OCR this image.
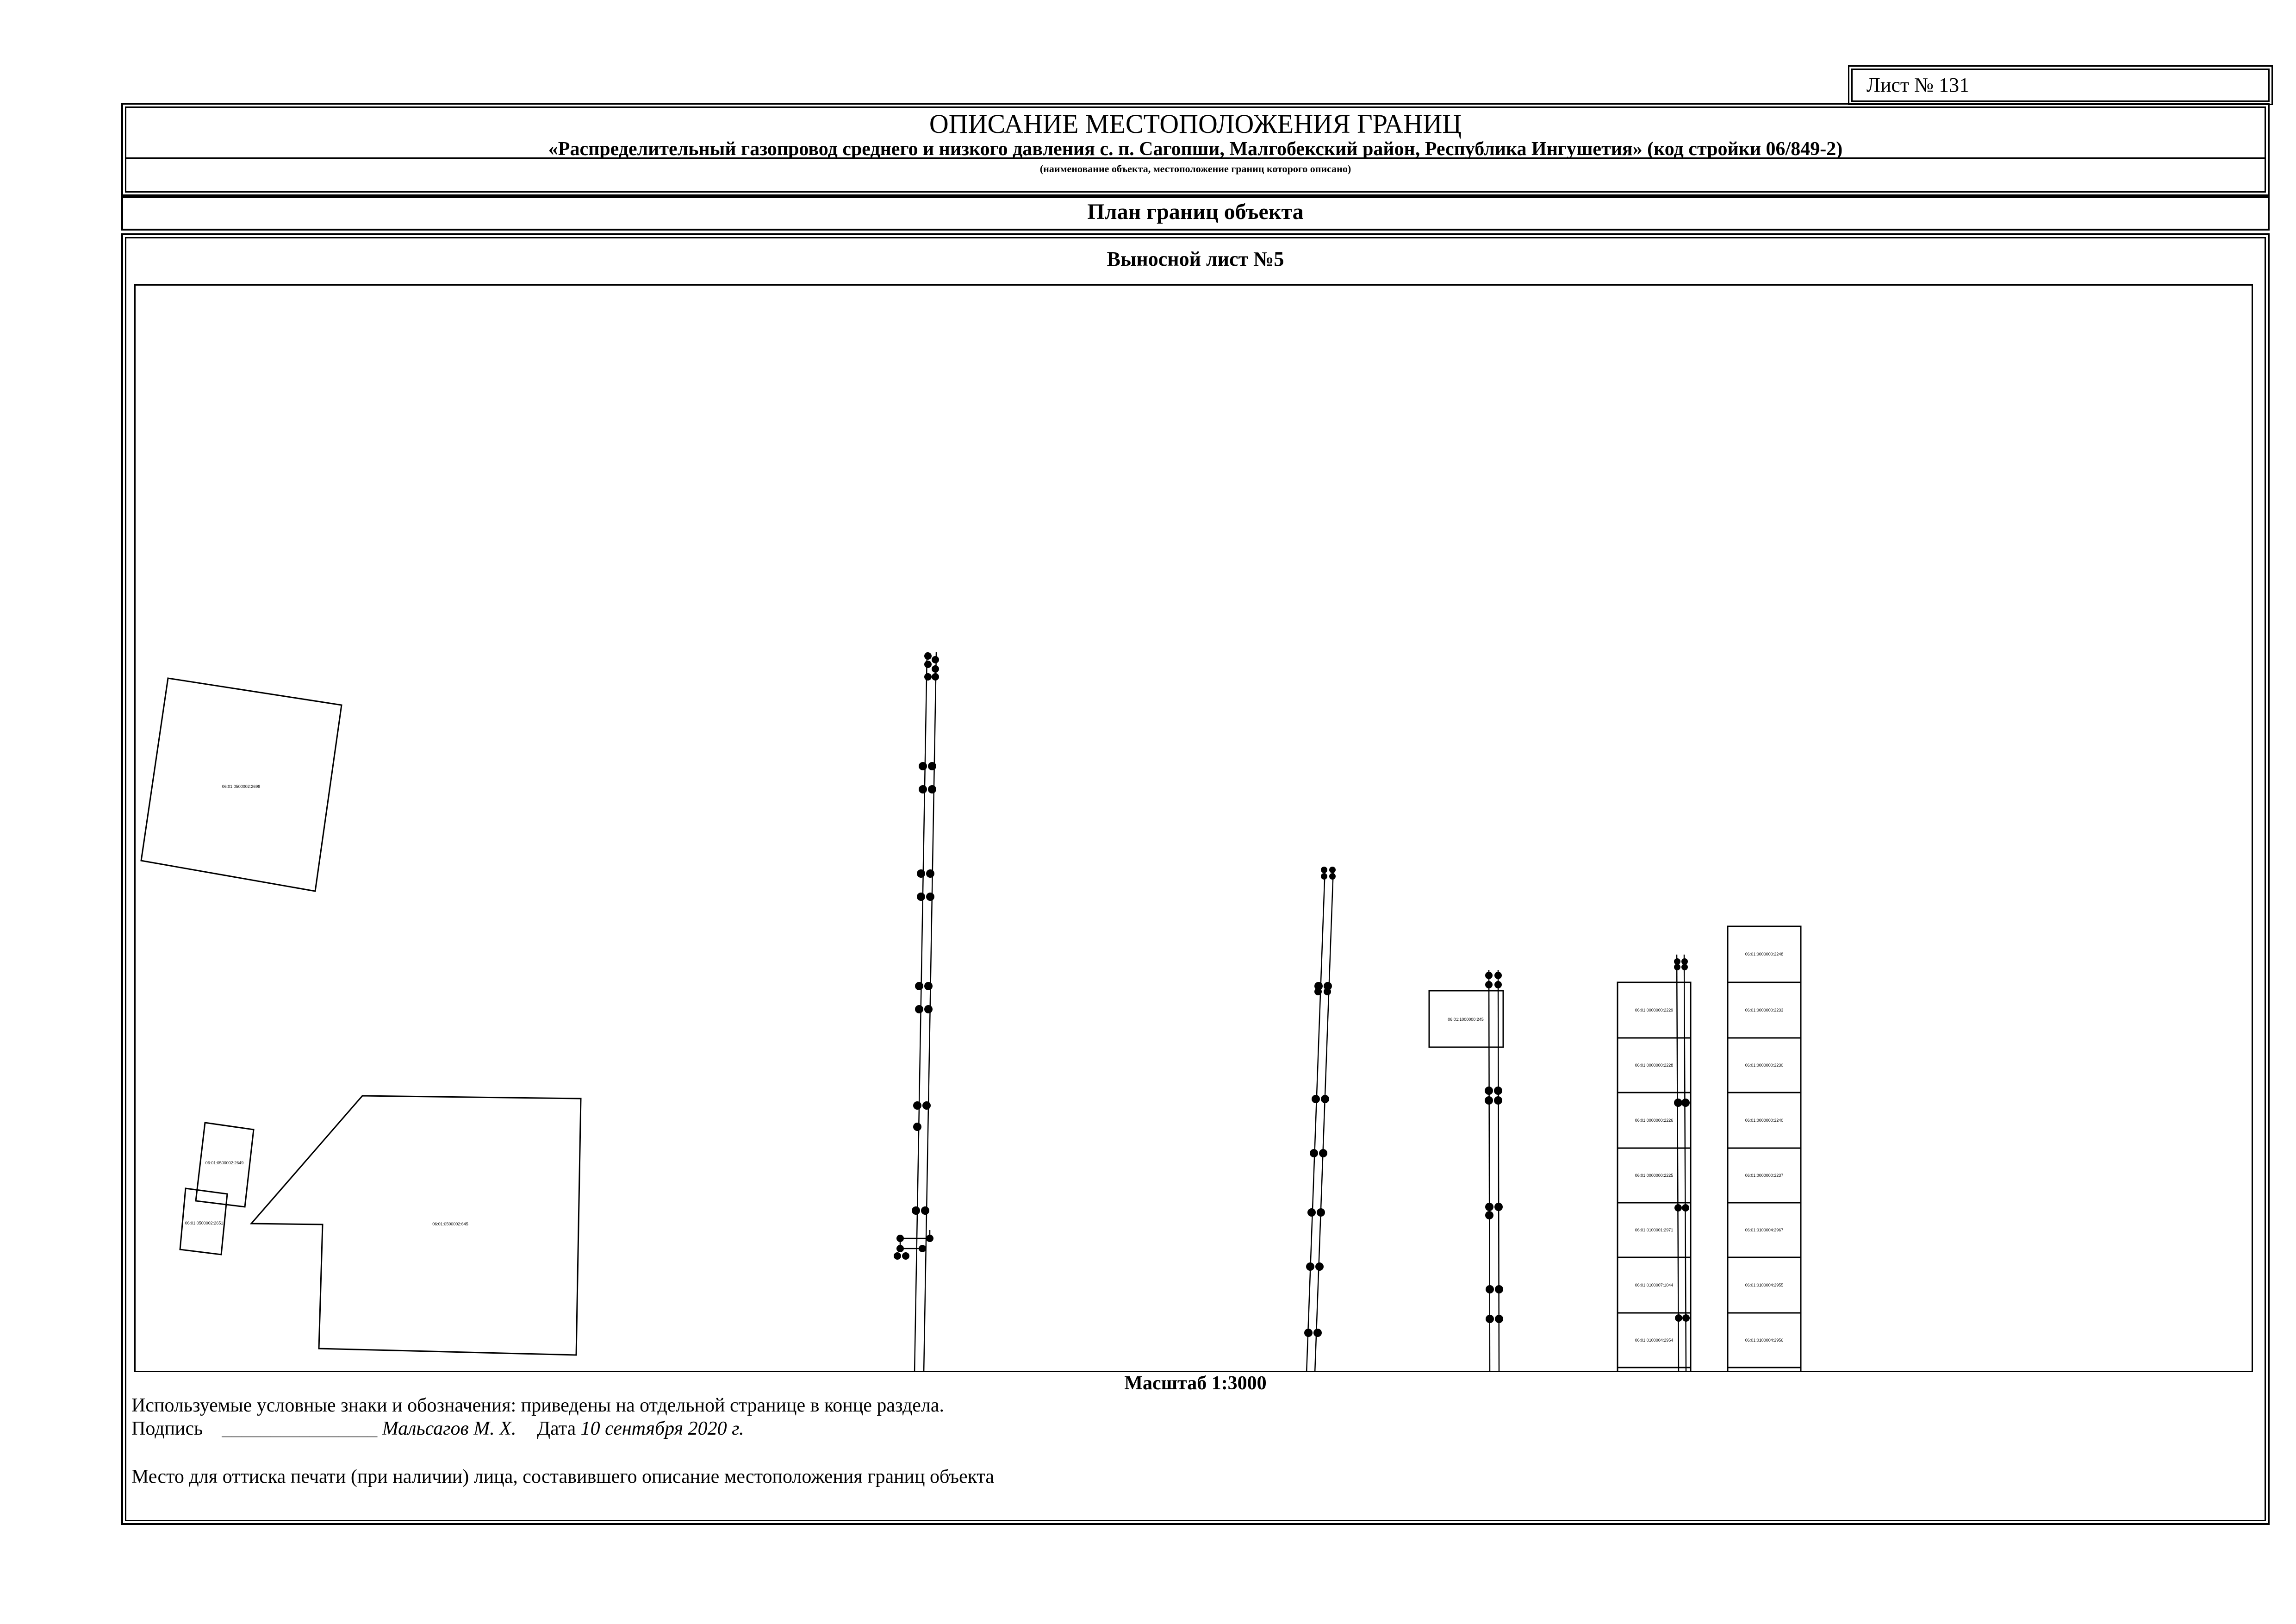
Лист № 131
ОПИСАНИЕ МЕСТОПОЛОЖЕНИЯ ГРАНИЦ
«Распределительный газопровод среднего и низкого давления с. п. Сагопши, Малгобекский район, Республика Ингушетия» (код стройки 06/849-2)
(наименование объекта, местоположение границ которого описано)
План границ объекта
Выносной лист №5
06:01:0500002:2698
06:01:0500002:2649
06:01:0500002:2651	06:01:0500002:645
06:01:1000000:245
06:01:0000000:2229
06:01:0000000:2228
06:01:0000000:2226
06:01:0000000:2225
06:01:0100001:2971
06:01:0100007:1044
06:01:0100004:2954
06:01:0000000:2248
06:01:0000000:2233
06:01:0000000:2230
06:01:0000000:2240
06:01:0000000:2237
06:01:0100004:2967
06:01:0100004:2955
06:01:0100004:2956
Масштаб 1:3000
Используемые условные знаки и обозначения: приведены на отдельной странице в конце раздела.
Подпись ________________ Мальсагов М. Х. Дата 10 сентября 2020 г.
Место для оттиска печати (при наличии) лица, составившего описание местоположения границ объекта
